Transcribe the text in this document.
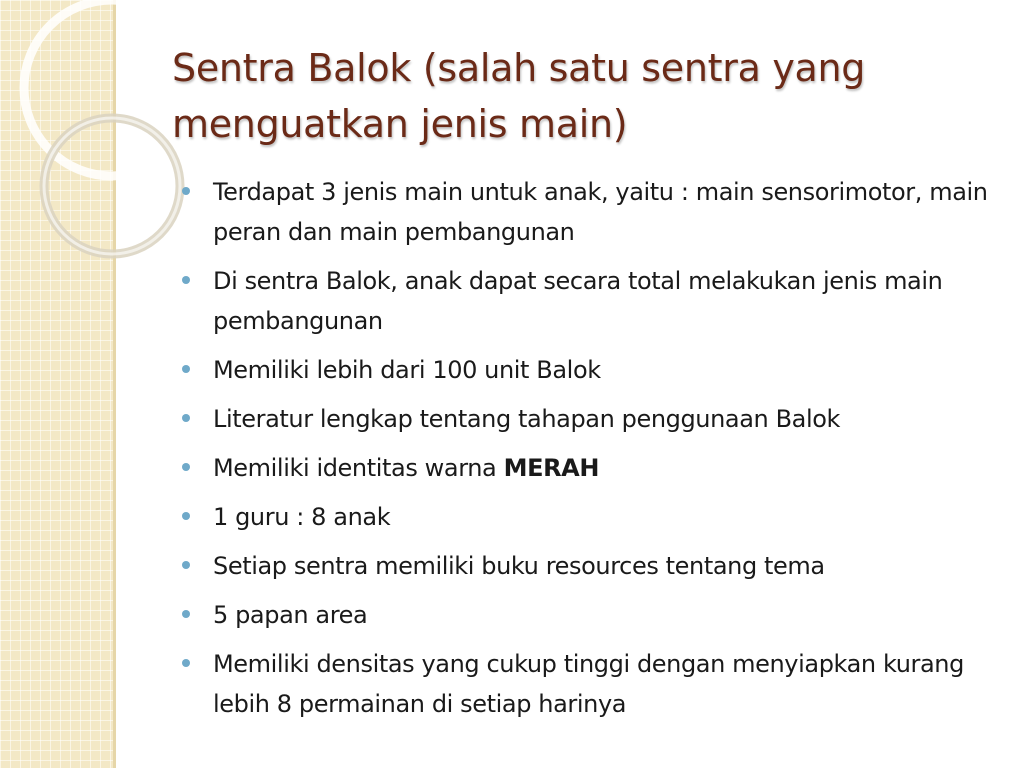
Sentra Balok (salah satu sentra yang menguatkan jenis main)
Terdapat 3 jenis main untuk anak, yaitu : main sensorimotor, main peran dan main pembangunan
Di sentra Balok, anak dapat secara total melakukan jenis main pembangunan
Memiliki lebih dari 100 unit Balok
Literatur lengkap tentang tahapan penggunaan Balok
Memiliki identitas warna MERAH
1 guru : 8 anak
Setiap sentra memiliki buku resources tentang tema
5 papan area
Memiliki densitas yang cukup tinggi dengan menyiapkan kurang lebih 8 permainan di setiap harinya
